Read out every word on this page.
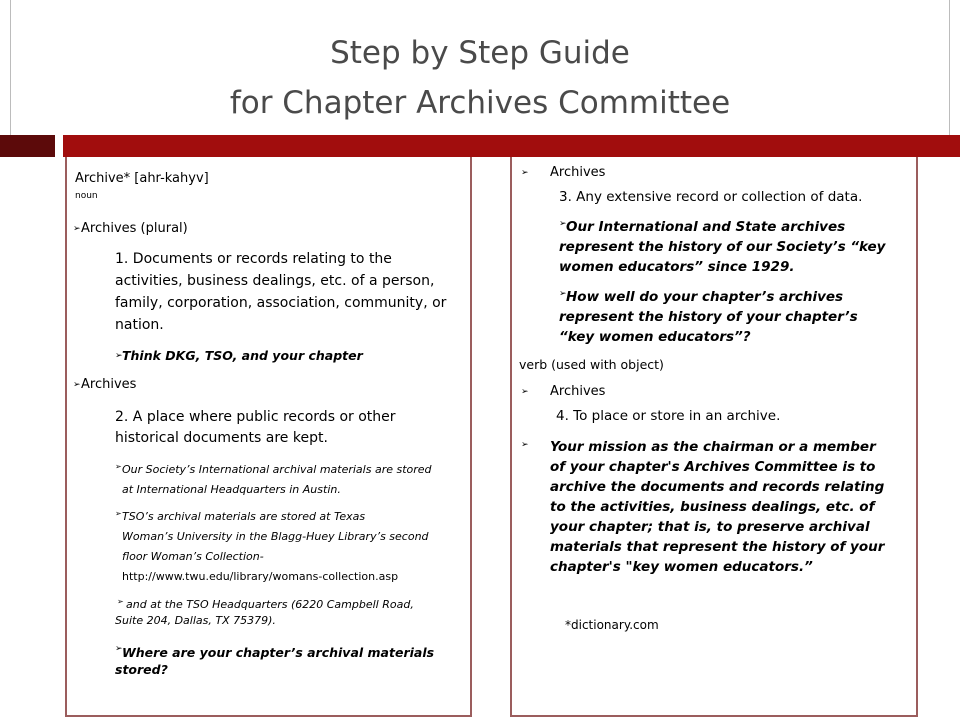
Step by Step Guide
for Chapter Archives Committee
Archive* [ahr-kahyv]
noun
➢ Archives (plural)
1. Documents or records relating to the
activities, business dealings, etc. of a person,
family, corporation, association, community, or
nation.
➢ Think DKG, TSO, and your chapter
➢ Archives
2. A place where public records or other
historical documents are kept.
➢ Our Society’s International archival materials are stored
at International Headquarters in Austin.
➢ TSO’s archival materials are stored at Texas
Woman’s University in the Blagg-Huey Library’s second
floor Woman’s Collection-
http://www.twu.edu/library/womans-collection.asp
➢ and at the TSO Headquarters (6220 Campbell Road,
Suite 204, Dallas, TX 75379).
➢ Where are your chapter’s archival materials
stored?
➢ Archives
3. Any extensive record or collection of data.
➢ Our International and State archives
represent the history of our Society’s “key
women educators” since 1929.
➢ How well do your chapter’s archives
represent the history of your chapter’s
“key women educators”?
verb (used with object)
➢ Archives
4. To place or store in an archive.
➢ Your mission as the chairman or a member
of your chapter's Archives Committee is to
archive the documents and records relating
to the activities, business dealings, etc. of
your chapter; that is, to preserve archival
materials that represent the history of your
chapter's "key women educators.”
*dictionary.com
